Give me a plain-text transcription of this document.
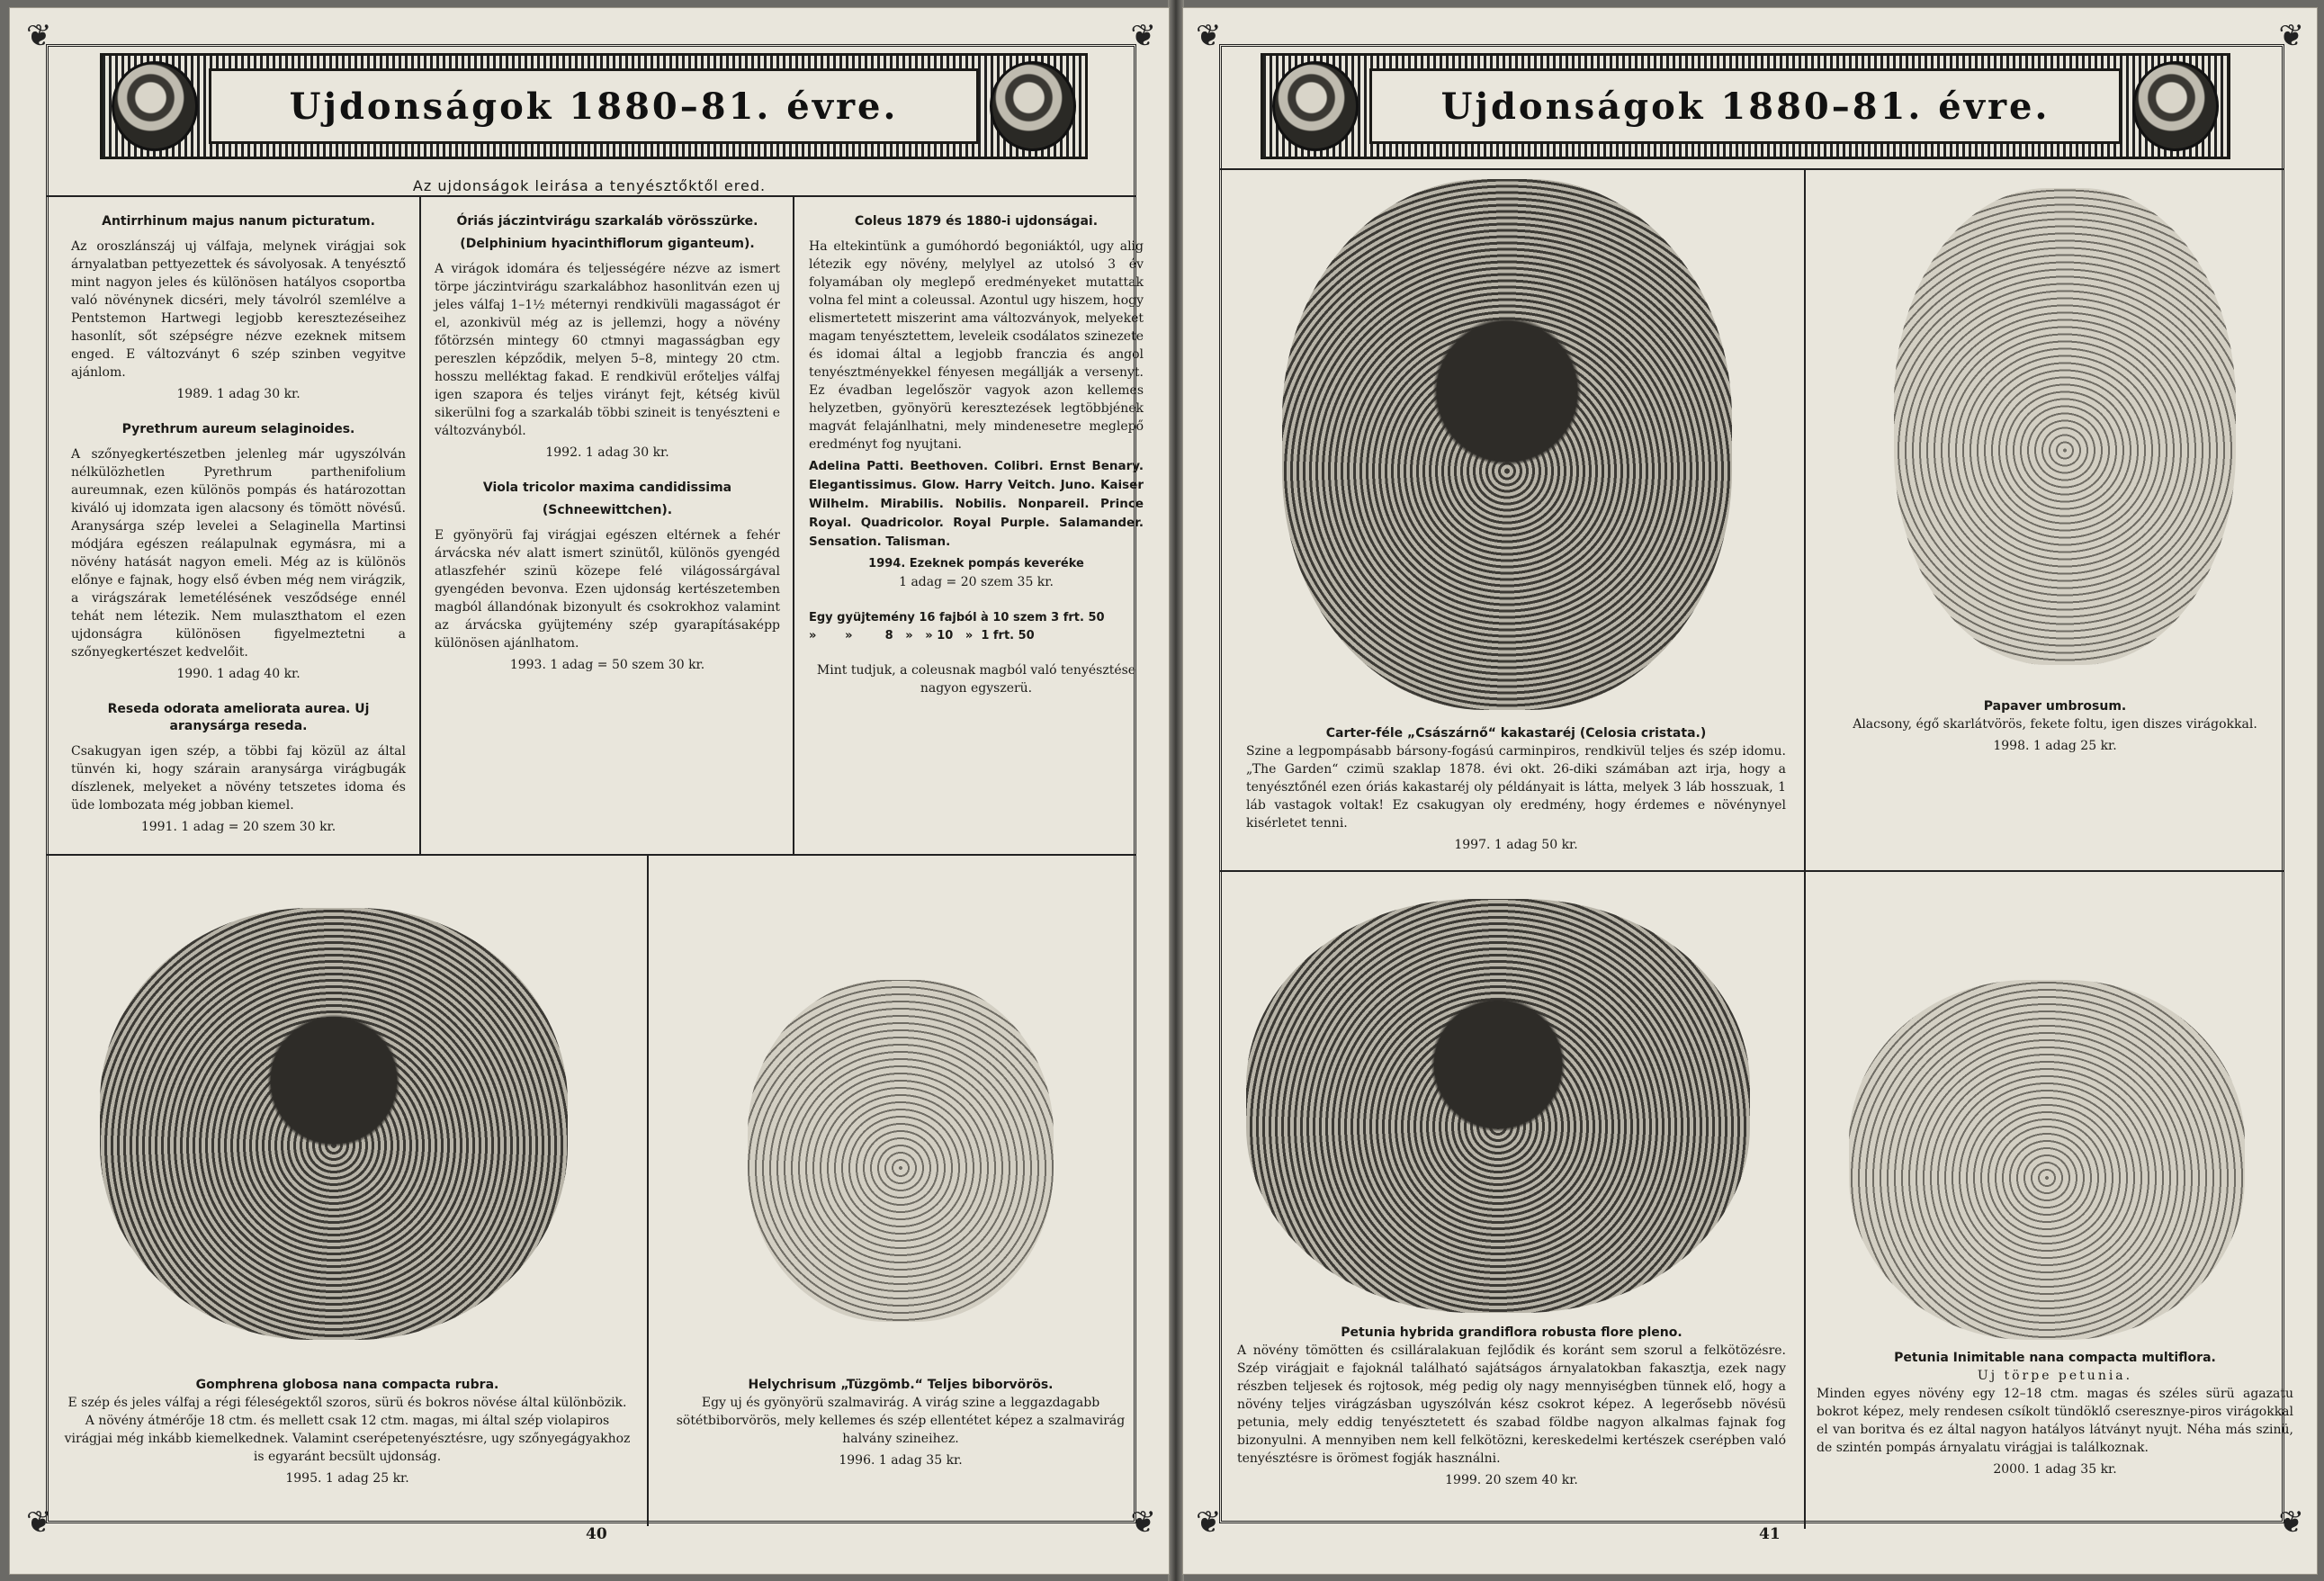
❦	❦
❦	❦
Ujdonságok 1880–81. évre.
Az ujdonságok leirása a tenyésztőktől ered.
Antirrhinum majus nanum picturatum.

Az oroszlánszáj uj válfaja, melynek virágjai sok árnyalatban pettyezettek és sávolyosak. A tenyésztő mint nagyon jeles és különösen hatályos csoportba való növénynek dicséri, mely távolról szemlélve a Pentstemon Hartwegi legjobb keresztezéseihez hasonlít, sőt szépségre nézve ezeknek mitsem enged. E változványt 6 szép szinben vegyitve ajánlom.

1989. 1 adag 30 kr.
Pyrethrum aureum selaginoides.

A szőnyegkertészetben jelenleg már ugyszólván nélkülözhetlen Pyrethrum parthenifolium aureumnak, ezen különös pompás és határozottan kiváló uj idomzata igen alacsony és tömött növésű. Aranysárga szép levelei a Selaginella Martinsi módjára egészen reálapulnak egymásra, mi a növény hatását nagyon emeli. Még az is különös előnye e fajnak, hogy első évben még nem virágzik, a virágszárak lemetélésének vesződsége ennél tehát nem létezik. Nem mulaszthatom el ezen ujdonságra különösen figyelmeztetni a szőnyegkertészet kedvelőit.

1990. 1 adag 40 kr.
Reseda odorata ameliorata aurea. Uj aranysárga reseda.

Csakugyan igen szép, a többi faj közül az által tünvén ki, hogy szárain aranysárga virágbugák díszlenek, melyeket a növény tetszetes idoma és üde lombozata még jobban kiemel.

1991. 1 adag = 20 szem 30 kr.
Óriás jáczintvirágu szarkaláb vörösszürke.
(Delphinium hyacinthiflorum giganteum).

A virágok idomára és teljességére nézve az ismert törpe jáczintvirágu szarkalábhoz hasonlitván ezen uj jeles válfaj 1–1½ méternyi rendkivüli magasságot ér el, azonkivül még az is jellemzi, hogy a növény főtörzsén mintegy 60 ctmnyi magasságban egy pereszlen képződik, melyen 5–8, mintegy 20 ctm. hosszu melléktag fakad. E rendkivül erőteljes válfaj igen szapora és teljes virányt fejt, kétség kivül sikerülni fog a szarkaláb többi szineit is tenyészteni e változványból.

1992. 1 adag 30 kr.
Viola tricolor maxima candidissima
(Schneewittchen).

E gyönyörü faj virágjai egészen eltérnek a fehér árvácska név alatt ismert szinütől, különös gyengéd atlaszfehér szinü közepe felé világossárgával gyengéden bevonva. Ezen ujdonság kertészetemben magból állandónak bizonyult és csokrokhoz valamint az árvácska gyüjtemény szép gyarapításaképp különösen ajánlhatom.

1993. 1 adag = 50 szem 30 kr.
Coleus 1879 és 1880-i ujdonságai.

Ha eltekintünk a gumóhordó begoniáktól, ugy alig létezik egy növény, melylyel az utolsó 3 év folyamában oly meglepő eredményeket mutattak volna fel mint a coleussal. Azontul ugy hiszem, hogy elismertetett miszerint ama változványok, melyeket magam tenyésztettem, leveleik csodálatos szinezete és idomai által a legjobb franczia és angol tenyésztményekkel fényesen megállják a versenyt. Ez évadban legelőször vagyok azon kellemes helyzetben, gyönyörü keresztezések legtöbbjének magvát felajánlhatni, mely mindenesetre meglepő eredményt fog nyujtani.

Adelina Patti. Beethoven. Colibri. Ernst Benary. Elegantissimus. Glow. Harry Veitch. Juno. Kaiser Wilhelm. Mirabilis. Nobilis. Nonpareil. Prince Royal. Quadricolor. Royal Purple. Salamander. Sensation. Talisman.

1994. Ezeknek pompás keveréke
1 adag = 20 szem 35 kr.
Egy gyüjtemény 16 fajból à 10 szem 3 frt. 50
»       »        8   »   » 10   »  1 frt. 50

Mint tudjuk, a coleusnak magból való tenyésztése nagyon egyszerü.

Gomphrena globosa nana compacta rubra.
E szép és jeles válfaj a régi féleségektől szoros, sürü és bokros növése által különbözik. A növény átmérője 18 ctm. és mellett csak 12 ctm. magas, mi által szép violapiros virágjai még inkább kiemelkednek. Valamint cserépetenyésztésre, ugy szőnyegágyakhoz is egyaránt becsült ujdonság.
1995. 1 adag 25 kr.
Helychrisum „Tüzgömb.“ Teljes biborvörös.
Egy uj és gyönyörü szalmavirág. A virág szine a leggazdagabb sötétbiborvörös, mely kellemes és szép ellentétet képez a szalmavirág halvány szineihez.
1996. 1 adag 35 kr.
40
❦	❦
❦	❦
Ujdonságok 1880–81. évre.
Carter-féle „Császárnő“ kakastaréj (Celosia cristata.)
Szine a legpompásabb bársony-fogású carminpiros, rendkivül teljes és szép idomu. „The Garden“ czimü szaklap 1878. évi okt. 26-diki számában azt irja, hogy a tenyésztőnél ezen óriás kakastaréj oly példányait is látta, melyek 3 láb hosszuak, 1 láb vastagok voltak! Ez csakugyan oly eredmény, hogy érdemes e növénynyel kisérletet tenni.
1997. 1 adag 50 kr.
Papaver umbrosum.
Alacsony, égő skarlátvörös, fekete foltu, igen diszes virágokkal.
1998. 1 adag 25 kr.
Petunia hybrida grandiflora robusta flore pleno.
A növény tömötten és csilláralakuan fejlődik és koránt sem szorul a felkötözésre. Szép virágjait e fajoknál található sajátságos árnyalatokban fakasztja, ezek nagy részben teljesek és rojtosok, még pedig oly nagy mennyiségben tünnek elő, hogy a növény teljes virágzásban ugyszólván kész csokrot képez. A legerősebb növésü petunia, mely eddig tenyésztetett és szabad földbe nagyon alkalmas fajnak fog bizonyulni. A mennyiben nem kell felkötözni, kereskedelmi kertészek cserépben való tenyésztésre is örömest fogják használni.
1999. 20 szem 40 kr.
Petunia Inimitable nana compacta multiflora.
Uj törpe petunia.
Minden egyes növény egy 12–18 ctm. magas és széles sürü agazatu bokrot képez, mely rendesen csíkolt tündöklő cseresznye-piros virágokkal el van boritva és ez által nagyon hatályos látványt nyujt. Néha más szinü, de szintén pompás árnyalatu virágjai is találkoznak.
2000. 1 adag 35 kr.
41
